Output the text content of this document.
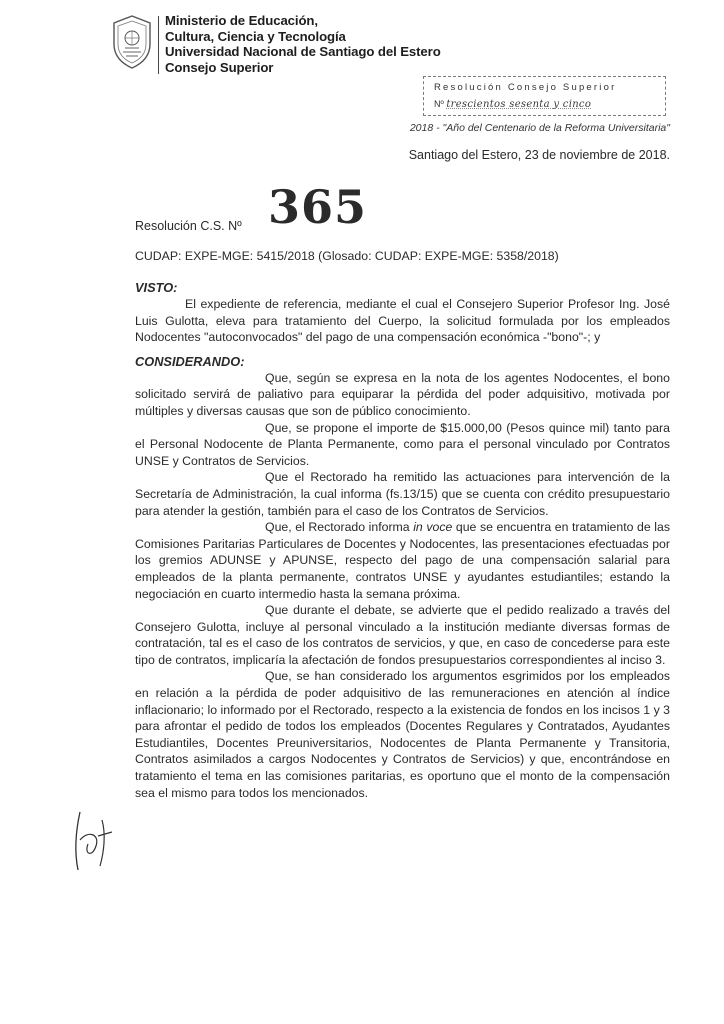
Ministerio de Educación,
Cultura, Ciencia y Tecnología
Universidad Nacional de Santiago del Estero
Consejo Superior
Resolución Consejo Superior
Nº trescientos sesenta y cinco
2018 - "Año del Centenario de la Reforma Universitaria"
Santiago del Estero, 23 de noviembre de 2018.
Resolución C.S. Nº 365
CUDAP: EXPE-MGE: 5415/2018 (Glosado: CUDAP: EXPE-MGE: 5358/2018)

VISTO:

El expediente de referencia, mediante el cual el Consejero Superior Profesor Ing. José Luis Gulotta, eleva para tratamiento del Cuerpo, la solicitud formulada por los empleados Nodocentes "autoconvocados" del pago de una compensación económica -"bono"-; y

CONSIDERANDO:

Que, según se expresa en la nota de los agentes Nodocentes, el bono solicitado servirá de paliativo para equiparar la pérdida del poder adquisitivo, motivada por múltiples y diversas causas que son de público conocimiento.

Que, se propone el importe de $15.000,00 (Pesos quince mil) tanto para el Personal Nodocente de Planta Permanente, como para el personal vinculado por Contratos UNSE y Contratos de Servicios.

Que el Rectorado ha remitido las actuaciones para intervención de la Secretaría de Administración, la cual informa (fs.13/15) que se cuenta con crédito presupuestario para atender la gestión, también para el caso de los Contratos de Servicios.

Que, el Rectorado informa in voce que se encuentra en tratamiento de las Comisiones Paritarias Particulares de Docentes y Nodocentes, las presentaciones efectuadas por los gremios ADUNSE y APUNSE, respecto del pago de una compensación salarial para empleados de la planta permanente, contratos UNSE y ayudantes estudiantiles; estando la negociación en cuarto intermedio hasta la semana próxima.

Que durante el debate, se advierte que el pedido realizado a través del Consejero Gulotta, incluye al personal vinculado a la institución mediante diversas formas de contratación, tal es el caso de los contratos de servicios, y que, en caso de concederse para este tipo de contratos, implicaría la afectación de fondos presupuestarios correspondientes al inciso 3.

Que, se han considerado los argumentos esgrimidos por los empleados en relación a la pérdida de poder adquisitivo de las remuneraciones en atención al índice inflacionario; lo informado por el Rectorado, respecto a la existencia de fondos en los incisos 1 y 3 para afrontar el pedido de todos los empleados (Docentes Regulares y Contratados, Ayudantes Estudiantiles, Docentes Preuniversitarios, Nodocentes de Planta Permanente y Transitoria, Contratos asimilados a cargos Nodocentes y Contratos de Servicios) y que, encontrándose en tratamiento el tema en las comisiones paritarias, es oportuno que el monto de la compensación sea el mismo para todos los mencionados.
